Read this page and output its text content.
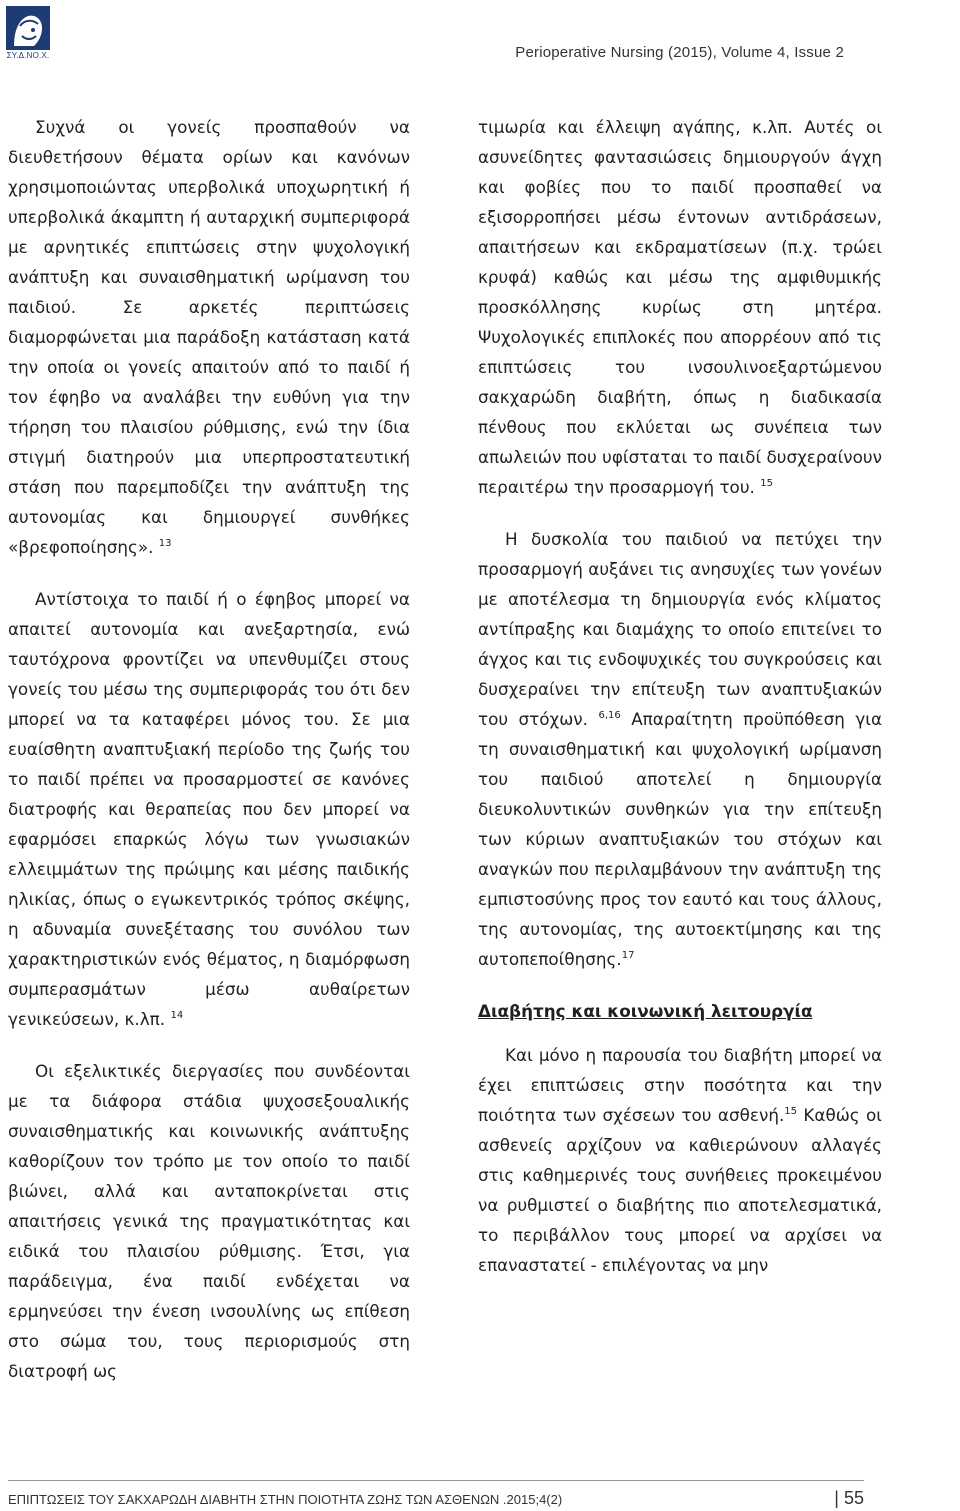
ΣΥ.Δ.ΝΟ.Χ.	Perioperative Nursing (2015), Volume 4, Issue 2

Συχνά οι γονείς προσπαθούν να διευθετήσουν θέματα ορίων και κανόνων χρησιμοποιώντας υπερβολικά υποχωρητική ή υπερβολικά άκαμπτη ή αυταρχική συμπεριφορά με αρνητικές επιπτώσεις στην ψυχολογική ανάπτυξη και συναισθηματική ωρίμανση του παιδιού. Σε αρκετές περιπτώσεις διαμορφώνεται μια παράδοξη κατάσταση κατά την οποία οι γονείς απαιτούν από το παιδί ή τον έφηβο να αναλάβει την ευθύνη για την τήρηση του πλαισίου ρύθμισης, ενώ την ίδια στιγμή διατηρούν μια υπερπροστατευτική στάση που παρεμποδίζει την ανάπτυξη της αυτονομίας και δημιουργεί συνθήκες «βρεφοποίησης». $^{13}$

Αντίστοιχα το παιδί ή ο έφηβος μπορεί να απαιτεί αυτονομία και ανεξαρτησία, ενώ ταυτόχρονα φροντίζει να υπενθυμίζει στους γονείς του μέσω της συμπεριφοράς του ότι δεν μπορεί να τα καταφέρει μόνος του. Σε μια ευαίσθητη αναπτυξιακή περίοδο της ζωής του το παιδί πρέπει να προσαρμοστεί σε κανόνες διατροφής και θεραπείας που δεν μπορεί να εφαρμόσει επαρκώς λόγω των γνωσιακών ελλειμμάτων της πρώιμης και μέσης παιδικής ηλικίας, όπως ο εγωκεντρικός τρόπος σκέψης, η αδυναμία συνεξέτασης του συνόλου των χαρακτηριστικών ενός θέματος, η διαμόρφωση συμπερασμάτων μέσω αυθαίρετων γενικεύσεων, κ.λπ. $^{14}$

Οι εξελικτικές διεργασίες που συνδέονται με τα διάφορα στάδια ψυχοσεξουαλικής συναισθηματικής και κοινωνικής ανάπτυξης καθορίζουν τον τρόπο με τον οποίο το παιδί βιώνει, αλλά και ανταποκρίνεται στις απαιτήσεις γενικά της πραγματικότητας και ειδικά του πλαισίου ρύθμισης. Έτσι, για παράδειγμα, ένα παιδί ενδέχεται να ερμηνεύσει την ένεση ινσουλίνης ως επίθεση στο σώμα του, τους περιορισμούς στη διατροφή ως

τιμωρία και έλλειψη αγάπης, κ.λπ. Αυτές οι ασυνείδητες φαντασιώσεις δημιουργούν άγχη και φοβίες που το παιδί προσπαθεί να εξισορροπήσει μέσω έντονων αντιδράσεων, απαιτήσεων και εκδραματίσεων (π.χ. τρώει κρυφά) καθώς και μέσω της αμφιθυμικής προσκόλλησης κυρίως στη μητέρα. Ψυχολογικές επιπλοκές που απορρέουν από τις επιπτώσεις του ινσουλινοεξαρτώμενου σακχαρώδη διαβήτη, όπως η διαδικασία πένθους που εκλύεται ως συνέπεια των απωλειών που υφίσταται το παιδί δυσχεραίνουν περαιτέρω την προσαρμογή του. $^{15}$

Η δυσκολία του παιδιού να πετύχει την προσαρμογή αυξάνει τις ανησυχίες των γονέων με αποτέλεσμα τη δημιουργία ενός κλίματος αντίπραξης και διαμάχης το οποίο επιτείνει το άγχος και τις ενδοψυχικές του συγκρούσεις και δυσχεραίνει την επίτευξη των αναπτυξιακών του στόχων. $^{6,16}$ Απαραίτητη προϋπόθεση για τη συναισθηματική και ψυχολογική ωρίμανση του παιδιού αποτελεί η δημιουργία διευκολυντικών συνθηκών για την επίτευξη των κύριων αναπτυξιακών του στόχων και αναγκών που περιλαμβάνουν την ανάπτυξη της εμπιστοσύνης προς τον εαυτό και τους άλλους, της αυτονομίας, της αυτοεκτίμησης και της αυτοπεποίθησης.$^{17}$

Διαβήτης και κοινωνική λειτουργία

Και μόνο η παρουσία του διαβήτη μπορεί να έχει επιπτώσεις στην ποσότητα και την ποιότητα των σχέσεων του ασθενή.$^{15}$ Καθώς οι ασθενείς αρχίζουν να καθιερώνουν αλλαγές στις καθημερινές τους συνήθειες προκειμένου να ρυθμιστεί ο διαβήτης πιο αποτελεσματικά, το περιβάλλον τους μπορεί να αρχίσει να επαναστατεί - επιλέγοντας να μην

ΕΠΙΠΤΩΣΕΙΣ ΤΟΥ ΣΑΚΧΑΡΩΔΗ ΔΙΑΒΗΤΗ ΣΤΗΝ ΠΟΙΟΤΗΤΑ ΖΩΗΣ ΤΩΝ ΑΣΘΕΝΩΝ .2015;4(2)	| 55
